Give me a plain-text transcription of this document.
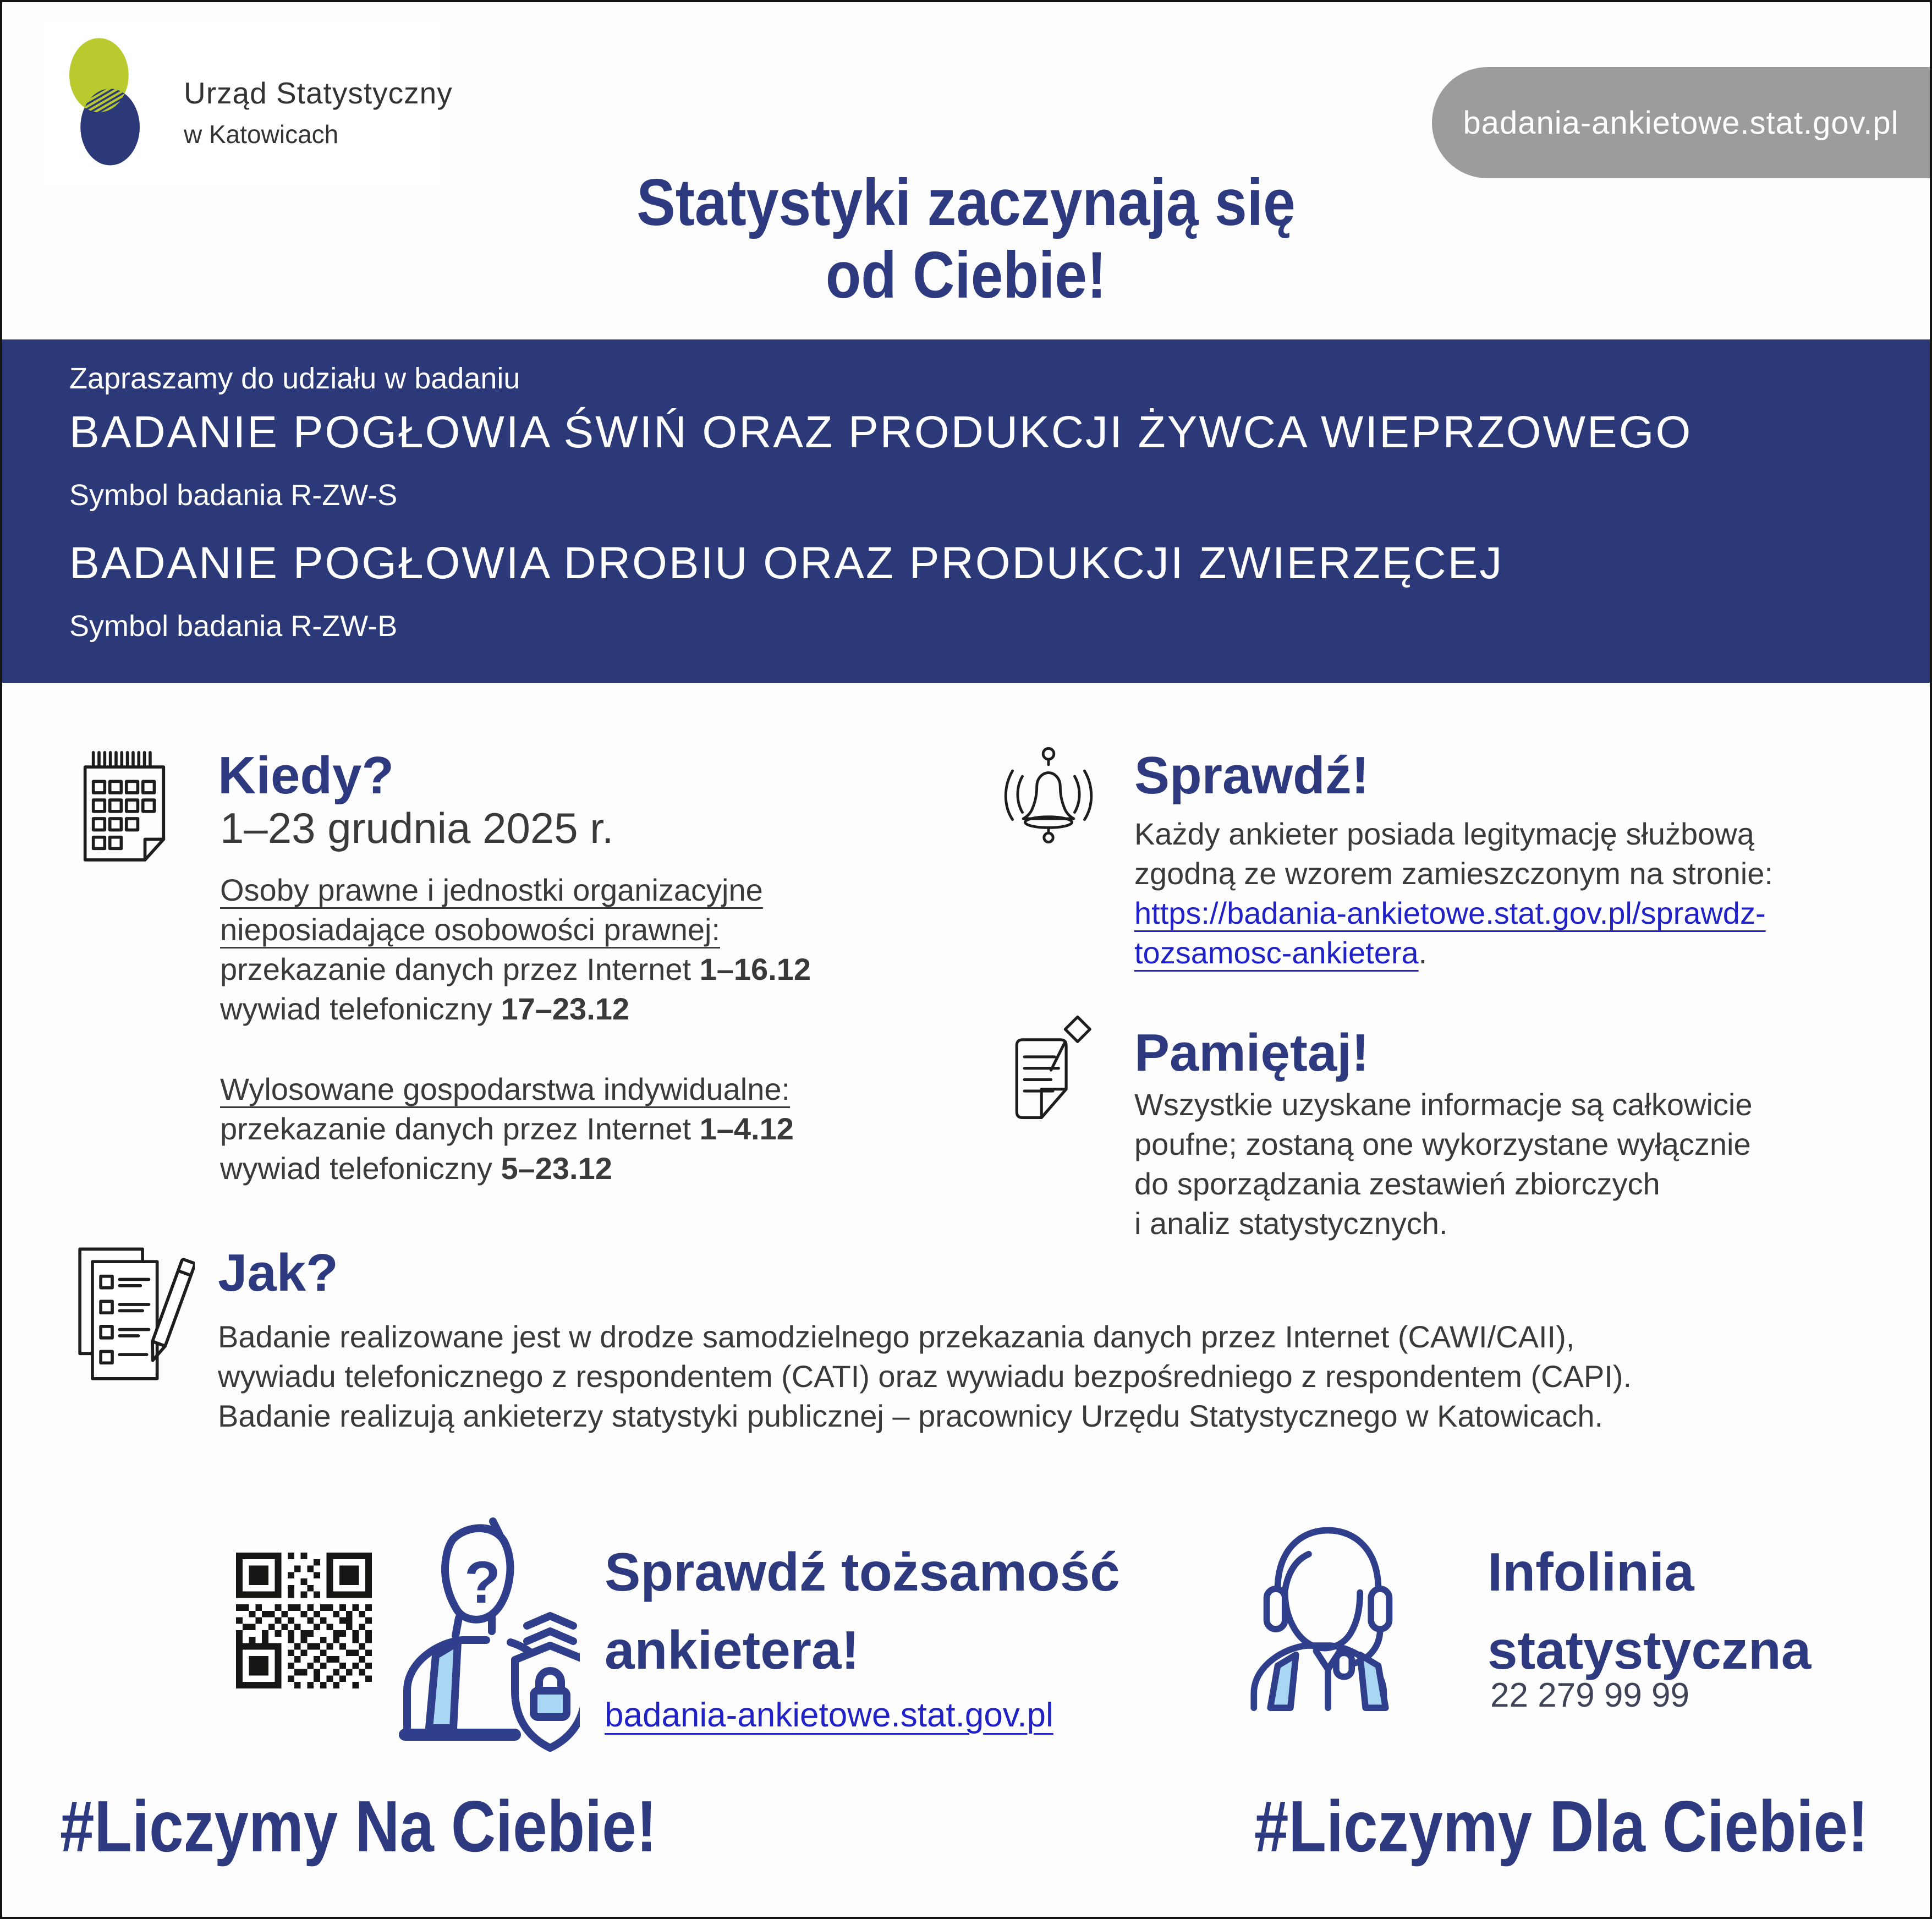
Urząd Statystyczny
w Katowicach	badania-ankietowe.stat.gov.pl
Statystyki zaczynają się
od Ciebie!
Zapraszamy do udziału w badaniu
BADANIE POGŁOWIA ŚWIŃ ORAZ PRODUKCJI ŻYWCA WIEPRZOWEGO
Symbol badania R-ZW-S
BADANIE POGŁOWIA DROBIU ORAZ PRODUKCJI ZWIERZĘCEJ
Symbol badania R-ZW-B
Kiedy?
1–23 grudnia 2025 r.
Osoby prawne i jednostki organizacyjne
nieposiadające osobowości prawnej:
przekazanie danych przez Internet 1–16.12
wywiad telefoniczny 17–23.12
Wylosowane gospodarstwa indywidualne:
przekazanie danych przez Internet 1–4.12
wywiad telefoniczny 5–23.12
Sprawdź!
Każdy ankieter posiada legitymację służbową
zgodną ze wzorem zamieszczonym na stronie:
https://badania-ankietowe.stat.gov.pl/sprawdz-
tozsamosc-ankietera.
Pamiętaj!
Wszystkie uzyskane informacje są całkowicie
poufne; zostaną one wykorzystane wyłącznie
do sporządzania zestawień zbiorczych
i analiz statystycznych.
Jak?
Badanie realizowane jest w drodze samodzielnego przekazania danych przez Internet (CAWI/CAII),
wywiadu telefonicznego z respondentem (CATI) oraz wywiadu bezpośredniego z respondentem (CAPI).
Badanie realizują ankieterzy statystyki publicznej – pracownicy Urzędu Statystycznego w Katowicach.
? Sprawdź tożsamość
ankietera!
badania-ankietowe.stat.gov.pl
Infolinia
statystyczna
22 279 99 99
#Liczymy Na Ciebie!	#Liczymy Dla Ciebie!
